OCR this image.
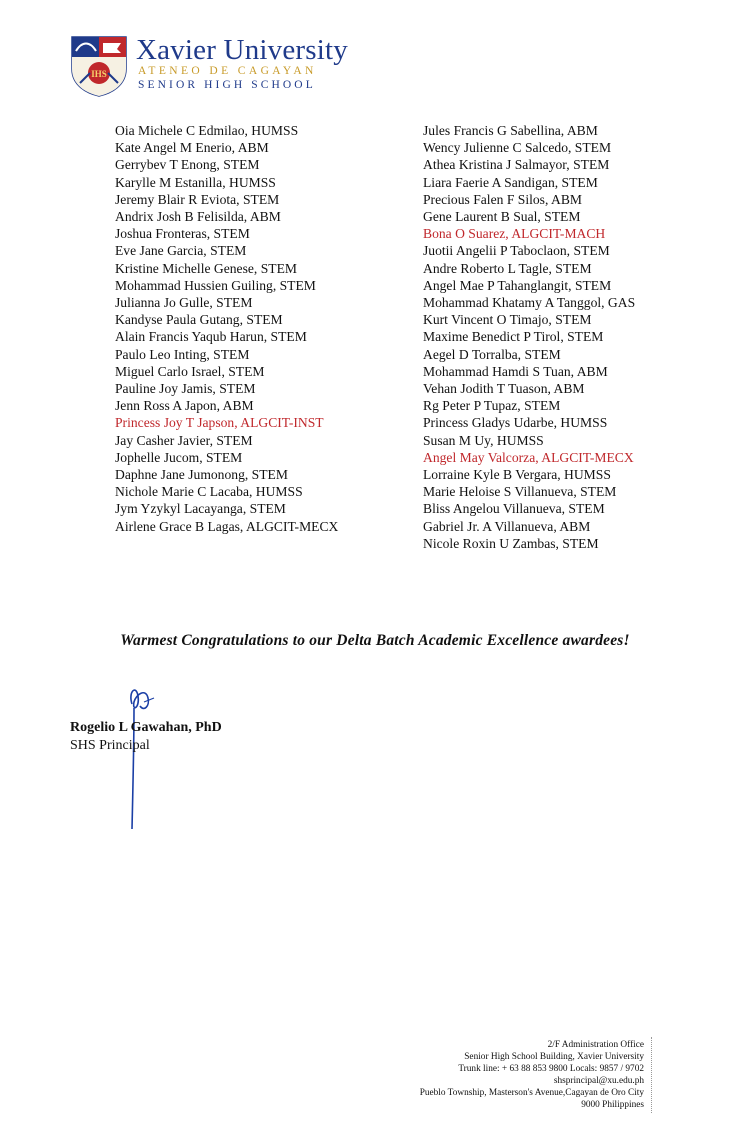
IHS
Xavier University
ATENEO DE CAGAYAN
SENIOR HIGH SCHOOL
Oia Michele C Edmilao, HUMSS
Kate Angel M Enerio, ABM
Gerrybev T Enong, STEM
Karylle M Estanilla, HUMSS
Jeremy Blair R Eviota, STEM
Andrix Josh B Felisilda, ABM
Joshua Fronteras, STEM
Eve Jane Garcia, STEM
Kristine Michelle Genese, STEM
Mohammad Hussien Guiling, STEM
Julianna Jo Gulle, STEM
Kandyse Paula Gutang, STEM
Alain Francis Yaqub Harun, STEM
Paulo Leo Inting, STEM
Miguel Carlo Israel, STEM
Pauline Joy Jamis, STEM
Jenn Ross A Japon, ABM
Princess Joy T Japson, ALGCIT-INST
Jay Casher Javier, STEM
Jophelle Jucom, STEM
Daphne Jane Jumonong, STEM
Nichole Marie C Lacaba, HUMSS
Jym Yzykyl Lacayanga, STEM
Airlene Grace B Lagas, ALGCIT-MECX
Jules Francis G Sabellina, ABM
Wency Julienne C Salcedo, STEM
Athea Kristina J Salmayor, STEM
Liara Faerie A Sandigan, STEM
Precious Falen F Silos, ABM
Gene Laurent B Sual, STEM
Bona O Suarez, ALGCIT-MACH
Juotii Angelii P Taboclaon, STEM
Andre Roberto L Tagle, STEM
Angel Mae P Tahanglangit, STEM
Mohammad Khatamy A Tanggol, GAS
Kurt Vincent O Timajo, STEM
Maxime Benedict P Tirol, STEM
Aegel D Torralba, STEM
Mohammad Hamdi S Tuan, ABM
Vehan Jodith T Tuason, ABM
Rg Peter P Tupaz, STEM
Princess Gladys Udarbe, HUMSS
Susan M Uy, HUMSS
Angel May Valcorza, ALGCIT-MECX
Lorraine Kyle B Vergara, HUMSS
Marie Heloise S Villanueva, STEM
Bliss Angelou Villanueva, STEM
Gabriel Jr. A Villanueva, ABM
Nicole Roxin U Zambas, STEM
Warmest Congratulations to our Delta Batch Academic Excellence awardees!
Rogelio L Gawahan, PhD
SHS Principal
2/F Administration Office
Senior High School Building, Xavier University
Trunk line: + 63 88 853 9800 Locals: 9857 / 9702
shsprincipal@xu.edu.ph
Pueblo Township, Masterson's Avenue,Cagayan de Oro City
9000 Philippines
